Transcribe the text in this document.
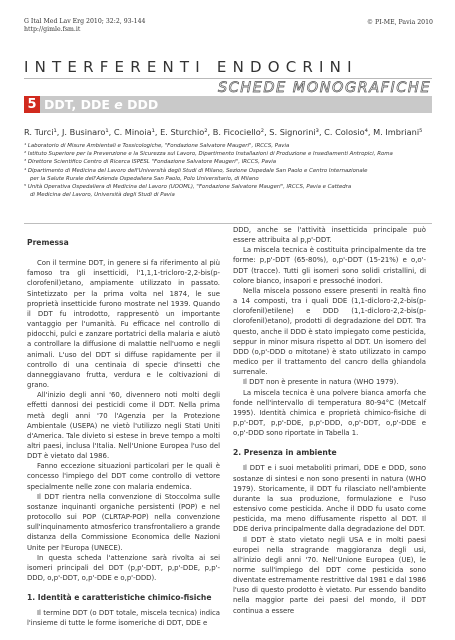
G Ital Med Lav Erg 2010; 32:2, 93-144
http://gimle.fsm.it
© PI-ME, Pavia 2010
INTERFERENTI ENDOCRINI
SCHEDE MONOGRAFICHE
5 DDT, DDE e DDD
R. Turci¹, J. Businaro¹, C. Minoia¹, E. Sturchio², B. Ficociello², S. Signorini³, C. Colosio⁴, M. Imbriani⁵
¹ Laboratorio di Misure Ambientali e Tossicologiche, "Fondazione Salvatore Maugeri", IRCCS, Pavia
² Istituto Superiore per la Prevenzione e la Sicurezza sul Lavoro, Dipartimento Installazioni di Produzione e Insediamenti Antropici, Roma
³ Direttore Scientifico Centro di Ricerca ISPESL "Fondazione Salvatore Maugeri", IRCCS, Pavia
⁴ Dipartimento di Medicina del Lavoro dell'Università degli Studi di Milano, Sezione Ospedale San Paolo e Centro Internazionale
per la Salute Rurale dell'Azienda Ospedaliera San Paolo, Polo Universitario, di Milano
⁵ Unità Operativa Ospedaliera di Medicina del Lavoro (UOOML), "Fondazione Salvatore Maugeri", IRCCS, Pavia e Cattedra
di Medicina del Lavoro, Università degli Studi di Pavia
Premessa

Con il termine DDT, in genere si fa riferimento al più famoso tra gli insetticidi, l'1,1,1-tricloro-2,2-bis(p-clorofenil)etano, ampiamente utilizzato in passato. Sintetizzato per la prima volta nel 1874, le sue proprietà insetticide furono mostrate nel 1939. Quando il DDT fu introdotto, rappresentò un importante vantaggio per l'umanità. Fu efficace nel controllo di pidocchi, pulci e zanzare portatrici della malaria e aiutò a controllare la diffusione di malattie nell'uomo e negli animali. L'uso del DDT si diffuse rapidamente per il controllo di una centinaia di specie d'insetti che danneggiavano frutta, verdura e le coltivazioni di grano.

All'inizio degli anni '60, divennero noti molti degli effetti dannosi dei pesticidi come il DDT. Nella prima metà degli anni '70 l'Agenzia per la Protezione Ambientale (USEPA) ne vietò l'utilizzo negli Stati Uniti d'America. Tale divieto si estese in breve tempo a molti altri paesi, inclusa l'Italia. Nell'Unione Europea l'uso del DDT è vietato dal 1986.

Fanno eccezione situazioni particolari per le quali è concesso l'impiego del DDT come controllo di vettore specialmente nelle zone con malaria endemica.

Il DDT rientra nella convenzione di Stoccolma sulle sostanze inquinanti organiche persistenti (POP) e nel protocollo sui POP (CLRTAP-POP) nella convenzione sull'inquinamento atmosferico transfrontaliero a grande distanza della Commissione Economica delle Nazioni Unite per l'Europa (UNECE).

In questa scheda l'attenzione sarà rivolta ai sei isomeri principali del DDT (p,p'-DDT, p,p'-DDE, p,p'-DDD, o,p'-DDT, o,p'-DDE e o,p'-DDD).

1. Identità e caratteristiche chimico-fisiche

Il termine DDT (o DDT totale, miscela tecnica) indica l'insieme di tutte le forme isomeriche di DDT, DDE e

DDD, anche se l'attività insetticida principale può essere attribuita al p,p'-DDT.

La miscela tecnica è costituita principalmente da tre forme: p,p'-DDT (65-80%), o,p'-DDT (15-21%) e o,o'-DDT (tracce). Tutti gli isomeri sono solidi cristallini, di colore bianco, insapori e pressoché inodori.

Nella miscela possono essere presenti in realtà fino a 14 composti, tra i quali DDE (1,1-dicloro-2,2-bis(p-clorofenil)etilene) e DDD (1,1-dicloro-2,2-bis(p-clorofenil)etano), prodotti di degradazione del DDT. Tra questo, anche il DDD è stato impiegato come pesticida, seppur in minor misura rispetto al DDT. Un isomero del DDD (o,p'-DDD o mitotane) è stato utilizzato in campo medico per il trattamento del cancro della ghiandola surrenale.

Il DDT non è presente in natura (WHO 1979).

La miscela tecnica è una polvere bianca amorfa che fonde nell'intervallo di temperatura 80-94°C (Metcalf 1995). Identità chimica e proprietà chimico-fisiche di p,p'-DDT, p,p'-DDE, p,p'-DDD, o,p'-DDT, o,p'-DDE e o,p'-DDD sono riportate in Tabella 1.

2. Presenza in ambiente

Il DDT e i suoi metaboliti primari, DDE e DDD, sono sostanze di sintesi e non sono presenti in natura (WHO 1979). Storicamente, il DDT fu rilasciato nell'ambiente durante la sua produzione, formulazione e l'uso estensivo come pesticida. Anche il DDD fu usato come pesticida, ma meno diffusamente rispetto al DDT. Il DDE deriva principalmente dalla degradazione del DDT.

Il DDT è stato vietato negli USA e in molti paesi europei nella stragrande maggioranza degli usi, all'inizio degli anni '70. Nell'Unione Europea (UE), le norme sull'impiego del DDT come pesticida sono diventate estremamente restrittive dal 1981 e dal 1986 l'uso di questo prodotto è vietato. Pur essendo bandito nella maggior parte dei paesi del mondo, il DDT continua a essere
